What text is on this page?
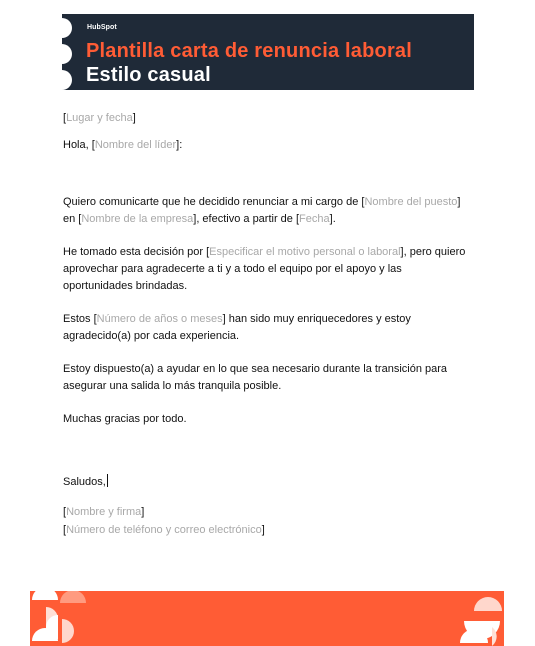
HubSpot
Plantilla carta de renuncia laboral
Estilo casual

[Lugar y fecha]

Hola, [Nombre del líder]:

Quiero comunicarte que he decidido renunciar a mi cargo de [Nombre del puesto] en [Nombre de la empresa], efectivo a partir de [Fecha].

He tomado esta decisión por [Especificar el motivo personal o laboral], pero quiero aprovechar para agradecerte a ti y a todo el equipo por el apoyo y las oportunidades brindadas.

Estos [Número de años o meses] han sido muy enriquecedores y estoy agradecido(a) por cada experiencia.

Estoy dispuesto(a) a ayudar en lo que sea necesario durante la transición para asegurar una salida lo más tranquila posible.

Muchas gracias por todo.

Saludos,

[Nombre y firma]

[Número de teléfono y correo electrónico]
